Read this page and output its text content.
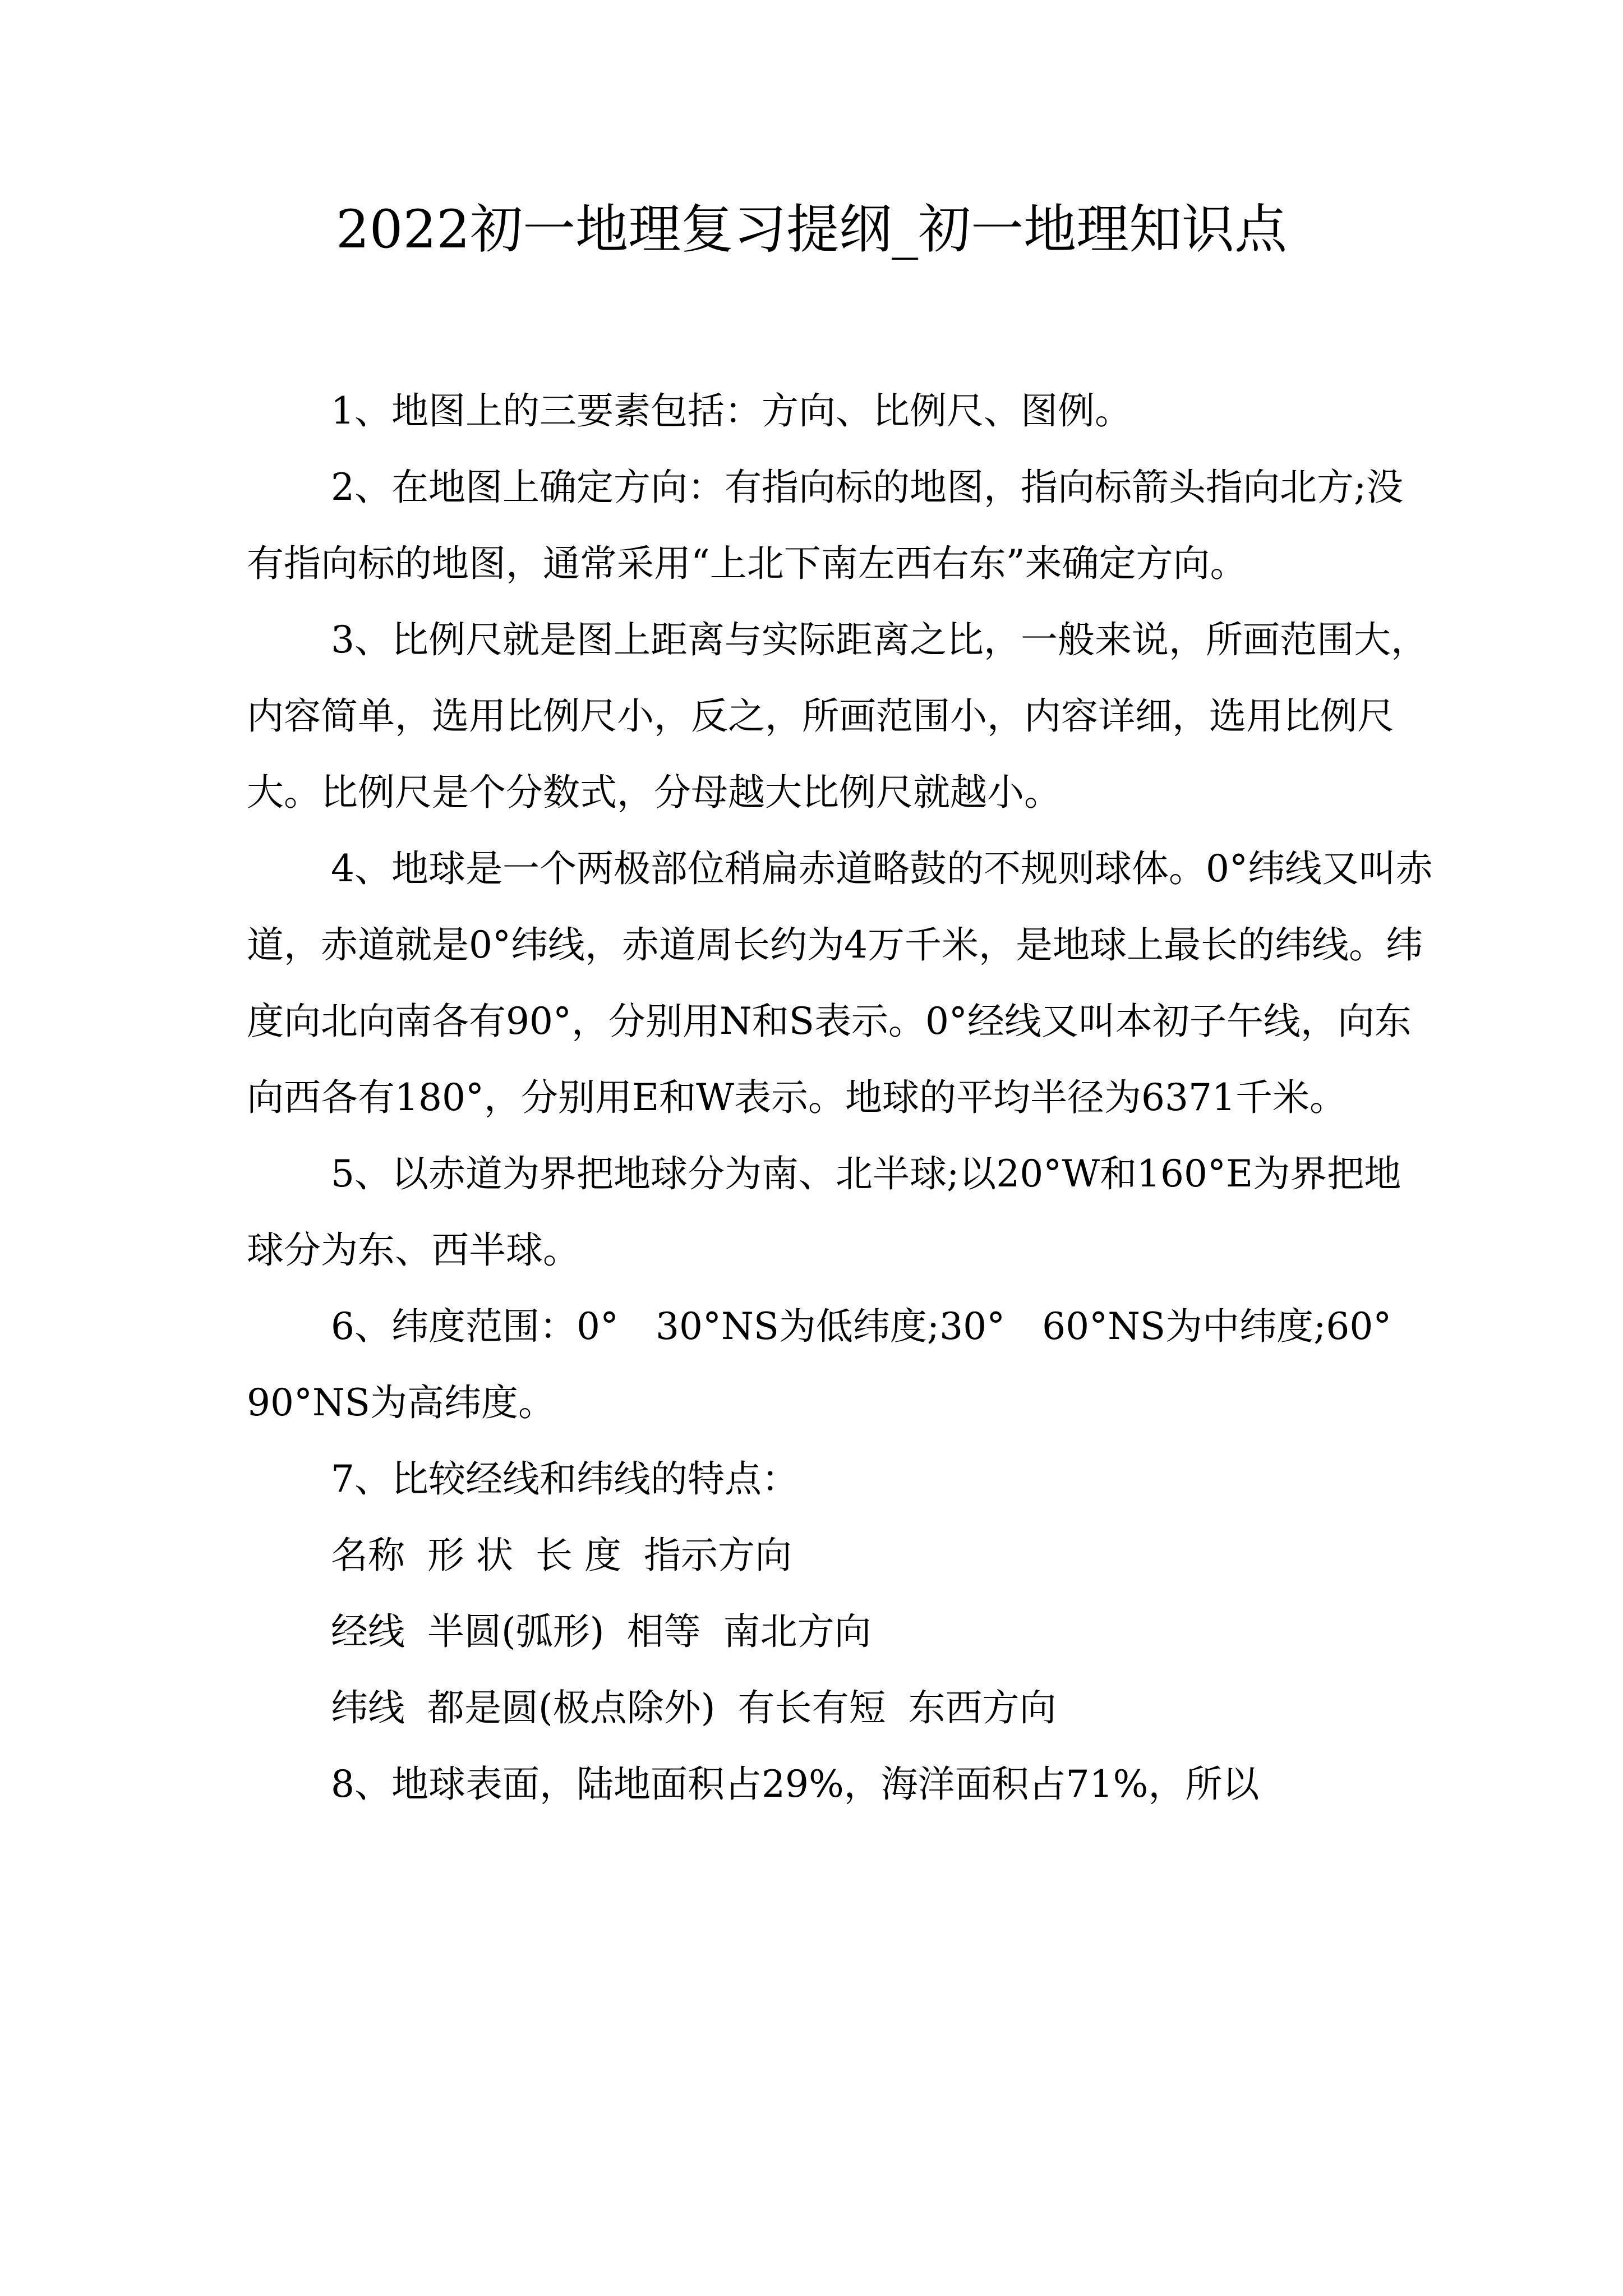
2022初一地理复习提纲_初一地理知识点

1、地图上的三要素包括：方向、比例尺、图例。

2、在地图上确定方向：有指向标的地图，指向标箭头指向北方;没有指向标的地图，通常采用“上北下南左西右东”来确定方向。

3、比例尺就是图上距离与实际距离之比，一般来说，所画范围大，内容简单，选用比例尺小，反之，所画范围小，内容详细，选用比例尺大。比例尺是个分数式，分母越大比例尺就越小。

4、地球是一个两极部位稍扁赤道略鼓的不规则球体。0°纬线又叫赤道，赤道就是0°纬线，赤道周长约为4万千米，是地球上最长的纬线。纬度向北向南各有90°，分别用N和S表示。0°经线又叫本初子午线，向东向西各有180°，分别用E和W表示。地球的平均半径为6371千米。

5、以赤道为界把地球分为南、北半球;以20°W和160°E为界把地球分为东、西半球。

6、纬度范围：0°　30°NS为低纬度;30°　60°NS为中纬度;60°　90°NS为高纬度。

7、比较经线和纬线的特点：

名称 形 状 长 度 指示方向
经线 半圆(弧形) 相等 南北方向
纬线 都是圆(极点除外) 有长有短 东西方向

8、地球表面，陆地面积占29%，海洋面积占71%，所以
